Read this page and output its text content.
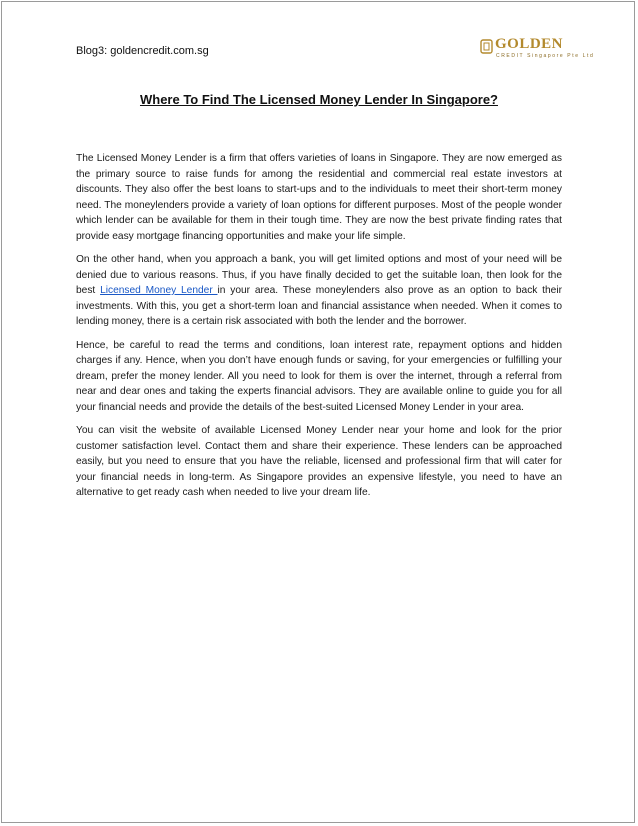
Blog3: goldencredit.com.sg	GOLDEN
CREDIT Singapore Pte Ltd
Where To Find The Licensed Money Lender In Singapore?

The Licensed Money Lender is a firm that offers varieties of loans in Singapore. They are now emerged as the primary source to raise funds for among the residential and commercial real estate investors at discounts. They also offer the best loans to start-ups and to the individuals to meet their short-term money need. The moneylenders provide a variety of loan options for different purposes. Most of the people wonder which lender can be available for them in their tough time. They are now the best private finding rates that provide easy mortgage financing opportunities and make your life simple.

On the other hand, when you approach a bank, you will get limited options and most of your need will be denied due to various reasons. Thus, if you have finally decided to get the suitable loan, then look for the best Licensed Money Lender in your area. These moneylenders also prove as an option to back their investments. With this, you get a short-term loan and financial assistance when needed. When it comes to lending money, there is a certain risk associated with both the lender and the borrower.

Hence, be careful to read the terms and conditions, loan interest rate, repayment options and hidden charges if any. Hence, when you don’t have enough funds or saving, for your emergencies or fulfilling your dream, prefer the money lender. All you need to look for them is over the internet, through a referral from near and dear ones and taking the experts financial advisors. They are available online to guide you for all your financial needs and provide the details of the best-suited Licensed Money Lender in your area.

You can visit the website of available Licensed Money Lender near your home and look for the prior customer satisfaction level. Contact them and share their experience. These lenders can be approached easily, but you need to ensure that you have the reliable, licensed and professional firm that will cater for your financial needs in long-term. As Singapore provides an expensive lifestyle, you need to have an alternative to get ready cash when needed to live your dream life.
